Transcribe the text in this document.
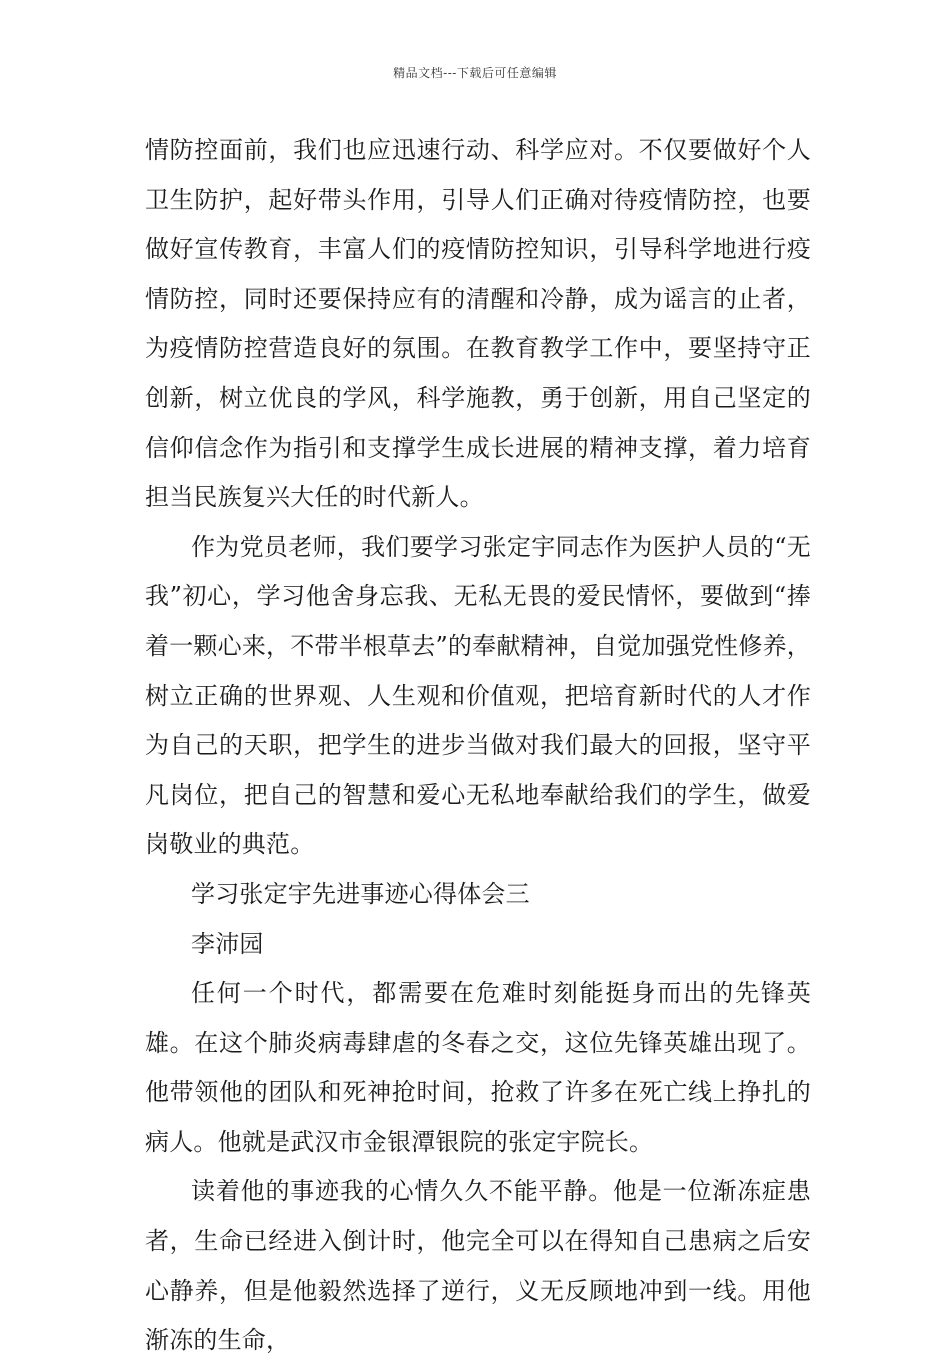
精品文档---下载后可任意编辑

情防控面前，我们也应迅速行动、科学应对。不仅要做好个人卫生防护，起好带头作用，引导人们正确对待疫情防控，也要做好宣传教育，丰富人们的疫情防控知识，引导科学地进行疫情防控，同时还要保持应有的清醒和冷静，成为谣言的止者，为疫情防控营造良好的氛围。在教育教学工作中，要坚持守正创新，树立优良的学风，科学施教，勇于创新，用自己坚定的信仰信念作为指引和支撑学生成长进展的精神支撑，着力培育担当民族复兴大任的时代新人。

作为党员老师，我们要学习张定宇同志作为医护人员的“无我”初心，学习他舍身忘我、无私无畏的爱民情怀，要做到“捧着一颗心来，不带半根草去”的奉献精神，自觉加强党性修养，树立正确的世界观、人生观和价值观，把培育新时代的人才作为自己的天职，把学生的进步当做对我们最大的回报，坚守平凡岗位，把自己的智慧和爱心无私地奉献给我们的学生，做爱岗敬业的典范。

学习张定宇先进事迹心得体会三

李沛园

任何一个时代，都需要在危难时刻能挺身而出的先锋英雄。在这个肺炎病毒肆虐的冬春之交，这位先锋英雄出现了。他带领他的团队和死神抢时间，抢救了许多在死亡线上挣扎的病人。他就是武汉市金银潭银院的张定宇院长。

读着他的事迹我的心情久久不能平静。他是一位渐冻症患者，生命已经进入倒计时，他完全可以在得知自己患病之后安心静养，但是他毅然选择了逆行，义无反顾地冲到一线。用他渐冻的生命，
